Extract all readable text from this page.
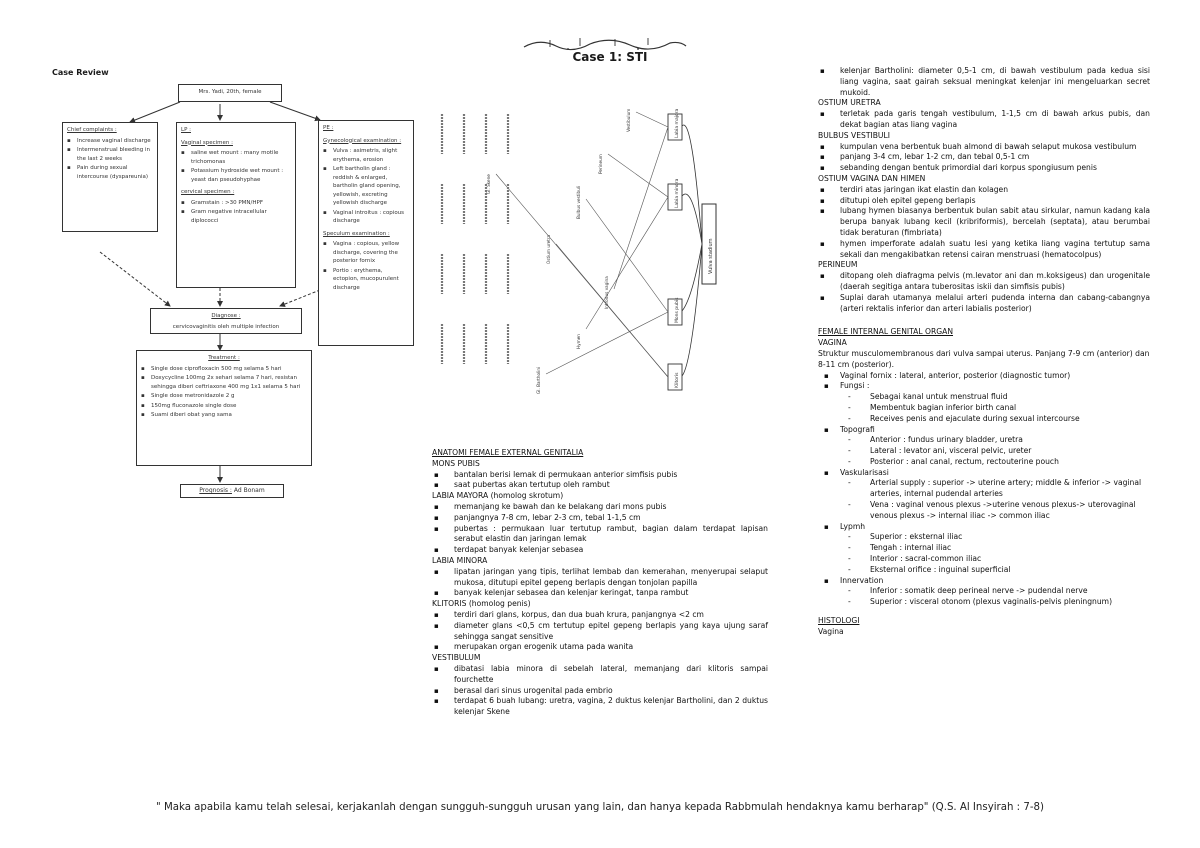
Case 1: STI
Case Review
Mrs. Yadi, 20th, female
Chief complaints :
▪ Increase vaginal discharge
▪ Intermenstrual bleeding in the last 2 weeks
▪ Pain during sexual intercourse (dyspareunia)
LP :
Vaginal specimen :
▪ saline wet mount : many motile trichomonas
▪ Potassium hydroxide wet mount : yeast dan pseudohyphae
cervical specimen :
▪ Gramstain : >30 PMN/HPF
▪ Gram negative intracellular diplococci
PE :
Gynecological examination :
▪ Vulva : asimetris, slight erythema, erosion
▪ Left bartholin gland : reddish & enlarged, bartholin gland opening, yellowish, excreting yellowish discharge
▪ Vaginal introitus : copious discharge
Speculum examination :
▪ Vagina : copious, yellow discharge, covering the posterior fornix
▪ Portio : erythema, ectopion, mucopurulent discharge
Diagnose :
cervicovaginitis oleh multiple infection
Treatment :
▪ Single dose ciprofloxacin 500 mg selama 5 hari
▪ Doxycycline 100mg 2x sehari selama 7 hari, resistan sehingga diberi ceftriaxone 400 mg 1x1 selama 5 hari
▪ Single dose metronidazole 2 g
▪ 150mg fluconazole single dose
▪ Suami diberi obat yang sama
Prognosis : Ad Bonam
Vulva stadium
Labia majora
Labia minora
Mons pubis
Klitoris
Vestibulum
Perineum
Bulbus vestibuli
Ostium uretra
Introitus vagina
Hymen
Gl. Bartholini
Gl. Skene
ANATOMI FEMALE EXTERNAL GENITALIA
MONS PUBIS
▪ bantalan berisi lemak di permukaan anterior simfisis pubis
▪ saat pubertas akan tertutup oleh rambut
LABIA MAYORA (homolog skrotum)
▪ memanjang ke bawah dan ke belakang dari mons pubis
▪ panjangnya 7-8 cm, lebar 2-3 cm, tebal 1-1,5 cm
▪ pubertas : permukaan luar tertutup rambut, bagian dalam terdapat lapisan serabut elastin dan jaringan lemak
▪ terdapat banyak kelenjar sebasea
LABIA MINORA
▪ lipatan jaringan yang tipis, terlihat lembab dan kemerahan, menyerupai selaput mukosa, ditutupi epitel gepeng berlapis dengan tonjolan papilla
▪ banyak kelenjar sebasea dan kelenjar keringat, tanpa rambut
KLITORIS (homolog penis)
▪ terdiri dari glans, korpus, dan dua buah krura, panjangnya <2 cm
▪ diameter glans <0,5 cm tertutup epitel gepeng berlapis yang kaya ujung saraf sehingga sangat sensitive
▪ merupakan organ erogenik utama pada wanita
VESTIBULUM
▪ dibatasi labia minora di sebelah lateral, memanjang dari klitoris sampai fourchette
▪ berasal dari sinus urogenital pada embrio
▪ terdapat 6 buah lubang: uretra, vagina, 2 duktus kelenjar Bartholini, dan 2 duktus kelenjar Skene
▪ kelenjar Bartholini: diameter 0,5-1 cm, di bawah vestibulum pada kedua sisi liang vagina, saat gairah seksual meningkat kelenjar ini mengeluarkan secret mukoid.
OSTIUM URETRA
▪ terletak pada garis tengah vestibulum, 1-1,5 cm di bawah arkus pubis, dan dekat bagian atas liang vagina
BULBUS VESTIBULI
▪ kumpulan vena berbentuk buah almond di bawah selaput mukosa vestibulum
▪ panjang 3-4 cm, lebar 1-2 cm, dan tebal 0,5-1 cm
▪ sebanding dengan bentuk primordial dari korpus spongiusum penis
OSTIUM VAGINA DAN HIMEN
▪ terdiri atas jaringan ikat elastin dan kolagen
▪ ditutupi oleh epitel gepeng berlapis
▪ lubang hymen biasanya berbentuk bulan sabit atau sirkular, namun kadang kala berupa banyak lubang kecil (kribriformis), bercelah (septata), atau berumbai tidak beraturan (fimbriata)
▪ hymen imperforate adalah suatu lesi yang ketika liang vagina tertutup sama sekali dan mengakibatkan retensi cairan menstruasi (hematocolpus)
PERINEUM
▪ ditopang oleh diafragma pelvis (m.levator ani dan m.koksigeus) dan urogenitale (daerah segitiga antara tuberositas iskii dan simfisis pubis)
▪ Suplai darah utamanya melalui arteri pudenda interna dan cabang-cabangnya (arteri rektalis inferior dan arteri labialis posterior)
FEMALE INTERNAL GENITAL ORGAN
VAGINA
Struktur musculomembranous dari vulva sampai uterus. Panjang 7-9 cm (anterior) dan 8-11 cm (posterior).
▪ Vaginal fornix : lateral, anterior, posterior (diagnostic tumor)
▪ Fungsi :
- Sebagai kanal untuk menstrual fluid
- Membentuk bagian inferior birth canal
- Receives penis and ejaculate during sexual intercourse
▪ Topografi
- Anterior : fundus urinary bladder, uretra
- Lateral : levator ani, visceral pelvic, ureter
- Posterior : anal canal, rectum, rectouterine pouch
▪ Vaskularisasi
- Arterial supply : superior -> uterine artery; middle & inferior -> vaginal arteries, internal pudendal arteries
- Vena : vaginal venous plexus ->uterine venous plexus-> uterovaginal venous plexus -> internal iliac -> common iliac
▪ Lypmh
- Superior : eksternal iliac
- Tengah : internal iliac
- Interior : sacral-common iliac
- Eksternal orifice : inguinal superficial
▪ Innervation
- Inferior : somatik deep perineal nerve -> pudendal nerve
- Superior : visceral otonom (plexus vaginalis-pelvis pleningnum)
HISTOLOGI
Vagina
" Maka apabila kamu telah selesai, kerjakanlah dengan sungguh-sungguh urusan yang lain, dan hanya kepada Rabbmulah hendaknya kamu berharap" (Q.S. Al Insyirah : 7-8)
